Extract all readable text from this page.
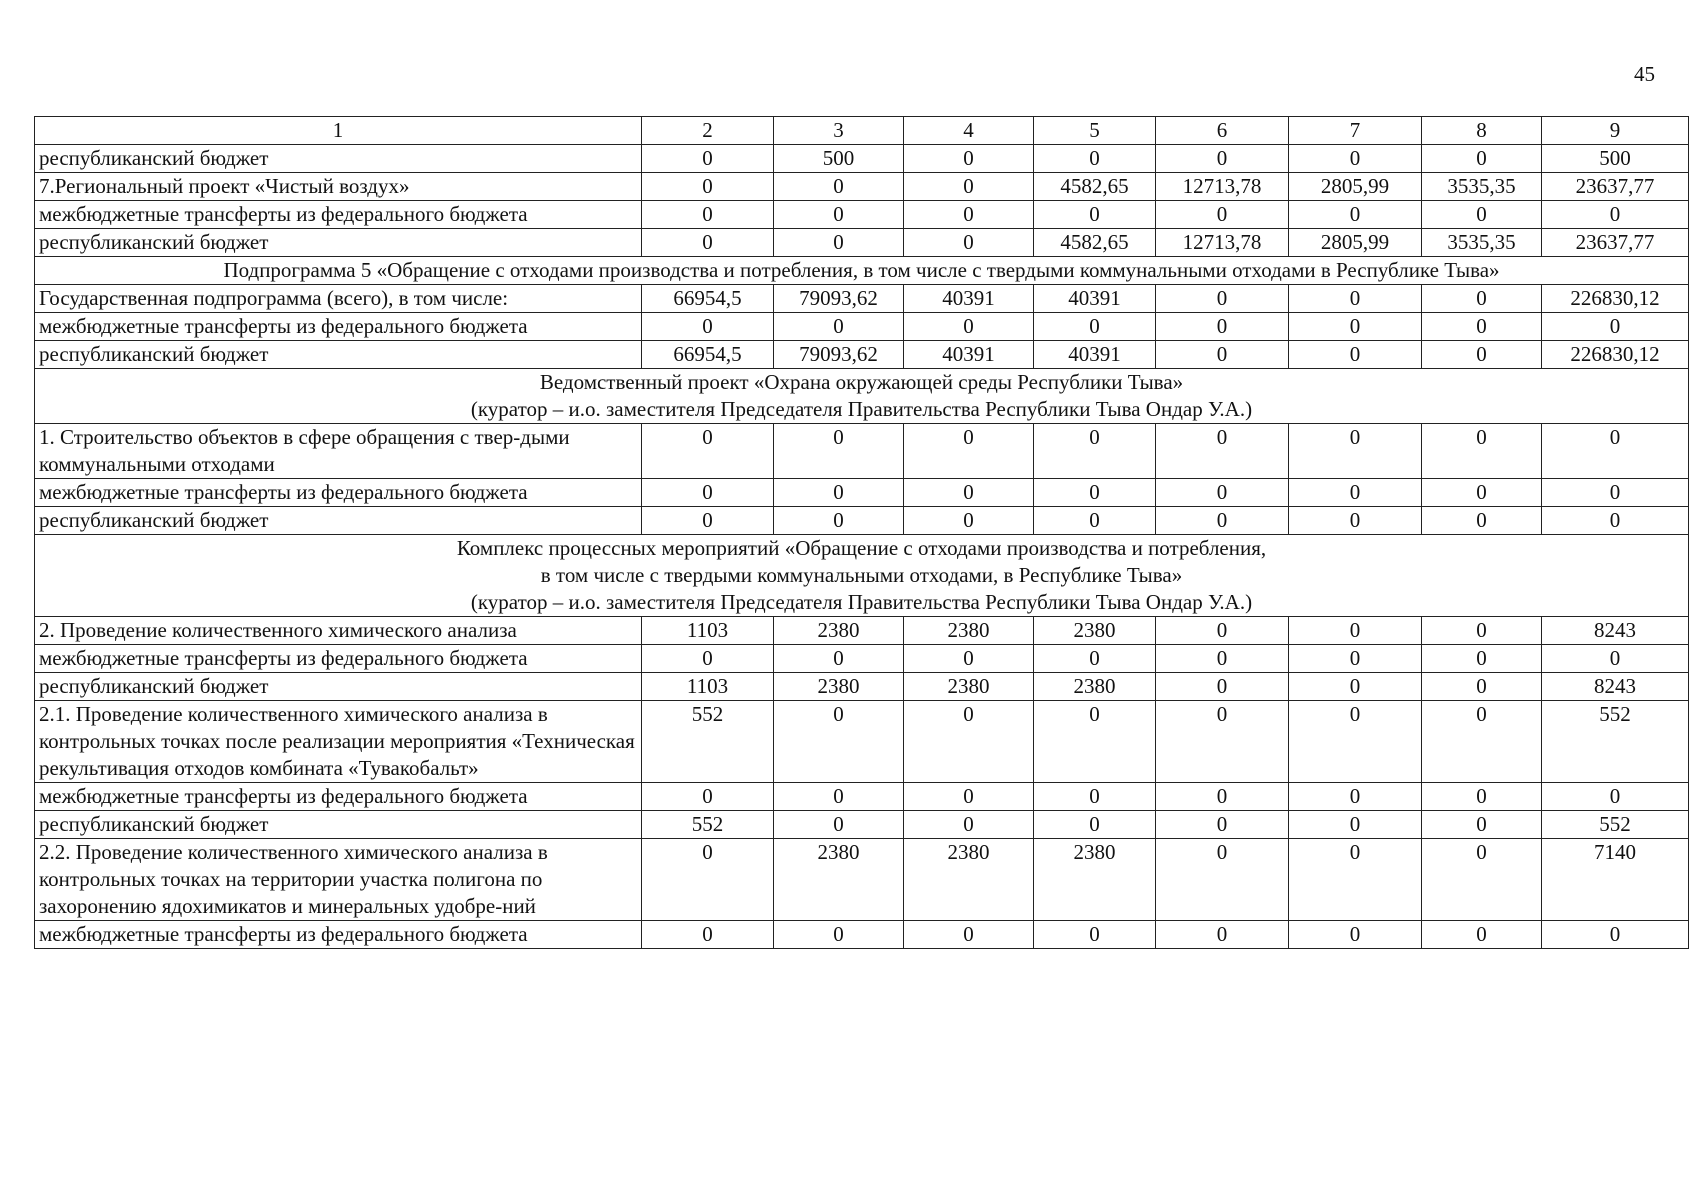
45
1	2	3	4	5	6	7	8	9
республиканский бюджет	0	500	0	0	0	0	0	500
7.Региональный проект «Чистый воздух»	0	0	0	4582,65	12713,78	2805,99	3535,35	23637,77
межбюджетные трансферты из федерального бюджета	0	0	0	0	0	0	0	0
республиканский бюджет	0	0	0	4582,65	12713,78	2805,99	3535,35	23637,77

Подпрограмма 5 «Обращение с отходами производства и потребления, в том числе с твердыми коммунальными отходами в Республике Тыва»								

Государственная подпрограмма (всего), в том числе:	66954,5	79093,62	40391	40391	0	0	0	226830,12
межбюджетные трансферты из федерального бюджета	0	0	0	0	0	0	0	0
республиканский бюджет	66954,5	79093,62	40391	40391	0	0	0	226830,12

Ведомственный проект «Охрана окружающей среды Республики Тыва»
(куратор – и.о. заместителя Председателя Правительства Республики Тыва Ондар У.А.)								

1. Строительство объектов в сфере обращения с твер-дыми коммунальными отходами	0	0	0	0	0	0	0	0
межбюджетные трансферты из федерального бюджета	0	0	0	0	0	0	0	0
республиканский бюджет	0	0	0	0	0	0	0	0

Комплекс процессных мероприятий «Обращение с отходами производства и потребления,
в том числе с твердыми коммунальными отходами, в Республике Тыва»
(куратор – и.о. заместителя Председателя Правительства Республики Тыва Ондар У.А.)								

2. Проведение количественного химического анализа	1103	2380	2380	2380	0	0	0	8243
межбюджетные трансферты из федерального бюджета	0	0	0	0	0	0	0	0
республиканский бюджет	1103	2380	2380	2380	0	0	0	8243
2.1. Проведение количественного химического анализа в контрольных точках после реализации мероприятия «Техническая рекультивация отходов комбината «Тувакобальт»	552	0	0	0	0	0	0	552
межбюджетные трансферты из федерального бюджета	0	0	0	0	0	0	0	0
республиканский бюджет	552	0	0	0	0	0	0	552
2.2. Проведение количественного химического анализа в контрольных точках на территории участка полигона по захоронению ядохимикатов и минеральных удобре-ний	0	2380	2380	2380	0	0	0	7140
межбюджетные трансферты из федерального бюджета	0	0	0	0	0	0	0	0
